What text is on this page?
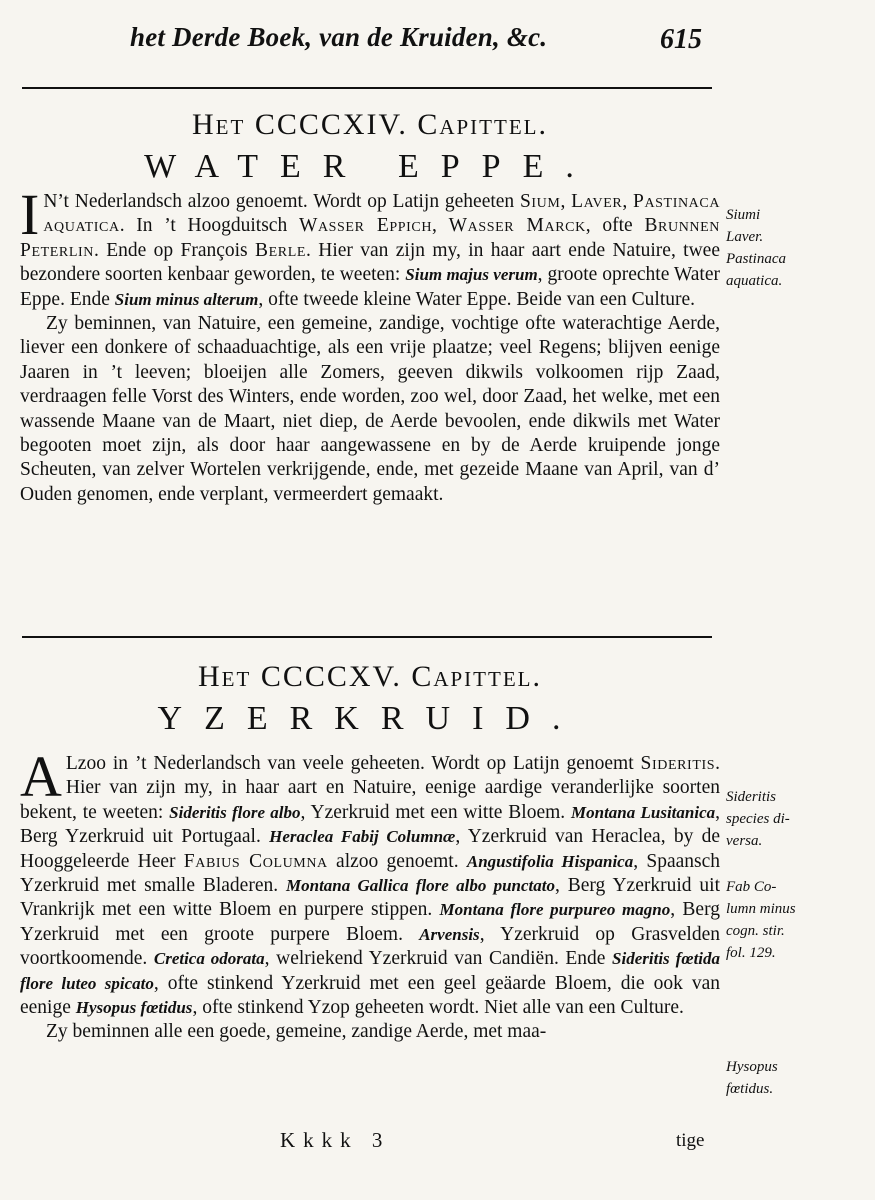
het Derde Boek, van de Kruiden, &c.	615
Het CCCCXIV. Capittel.
WATER EPPE.

I N’t Nederlandsch alzoo genoemt. Wordt op Latijn geheeten Sium, Laver, Pastinaca aquatica. In ’t Hoogduitsch Wasser Eppich, Wasser Marck, ofte Brunnen Peterlin. Ende op François Berle. Hier van zijn my, in haar aart ende Natuire, twee bezondere soorten kenbaar geworden, te weeten: Sium majus verum, groote oprechte Water Eppe. Ende Sium minus alterum, ofte tweede kleine Water Eppe. Beide van een Culture.

Zy beminnen, van Natuire, een gemeine, zandige, vochtige ofte waterachtige Aerde, liever een donkere of schaaduachtige, als een vrije plaatze; veel Regens; blijven eenige Jaaren in ’t leeven; bloeijen alle Zomers, geeven dikwils volkoomen rijp Zaad, verdraagen felle Vorst des Winters, ende worden, zoo wel, door Zaad, het welke, met een wassende Maane van de Maart, niet diep, de Aerde bevoolen, ende dikwils met Water begooten moet zijn, als door haar aangewassene en by de Aerde kruipende jonge Scheuten, van zelver Wortelen verkrijgende, ende, met gezeide Maane van April, van d’ Ouden genomen, ende verplant, vermeerdert gemaakt.

Siumi
Laver.
Pastinaca
aquatica.
Het CCCCXV. Capittel.
YZERKRUID.

A Lzoo in ’t Nederlandsch van veele geheeten. Wordt op Latijn genoemt Sideritis. Hier van zijn my, in haar aart en Natuire, eenige aardige veranderlijke soorten bekent, te weeten: Sideritis flore albo, Yzerkruid met een witte Bloem. Montana Lusitanica, Berg Yzerkruid uit Portugaal. Heraclea Fabij Columnæ, Yzerkruid van Heraclea, by de Hooggeleerde Heer Fabius Columna alzoo genoemt. Angustifolia Hispanica, Spaansch Yzerkruid met smalle Bladeren. Montana Gallica flore albo punctato, Berg Yzerkruid uit Vrankrijk met een witte Bloem en purpere stippen. Montana flore purpureo magno, Berg Yzerkruid met een groote purpere Bloem. Arvensis, Yzerkruid op Grasvelden voortkoomende. Cretica odorata, welriekend Yzerkruid van Candiën. Ende Sideritis fœtida flore luteo spicato, ofte stinkend Yzerkruid met een geel geäarde Bloem, die ook van eenige Hysopus fœtidus, ofte stinkend Yzop geheeten wordt. Niet alle van een Culture.

Zy beminnen alle een goede, gemeine, zandige Aerde, met maa-

Sideritis
species di-
versa.
Fab Co-
lumn minus
cogn. stir.
fol. 129.
Hysopus
fœtidus.
Kkkk 3	tige
